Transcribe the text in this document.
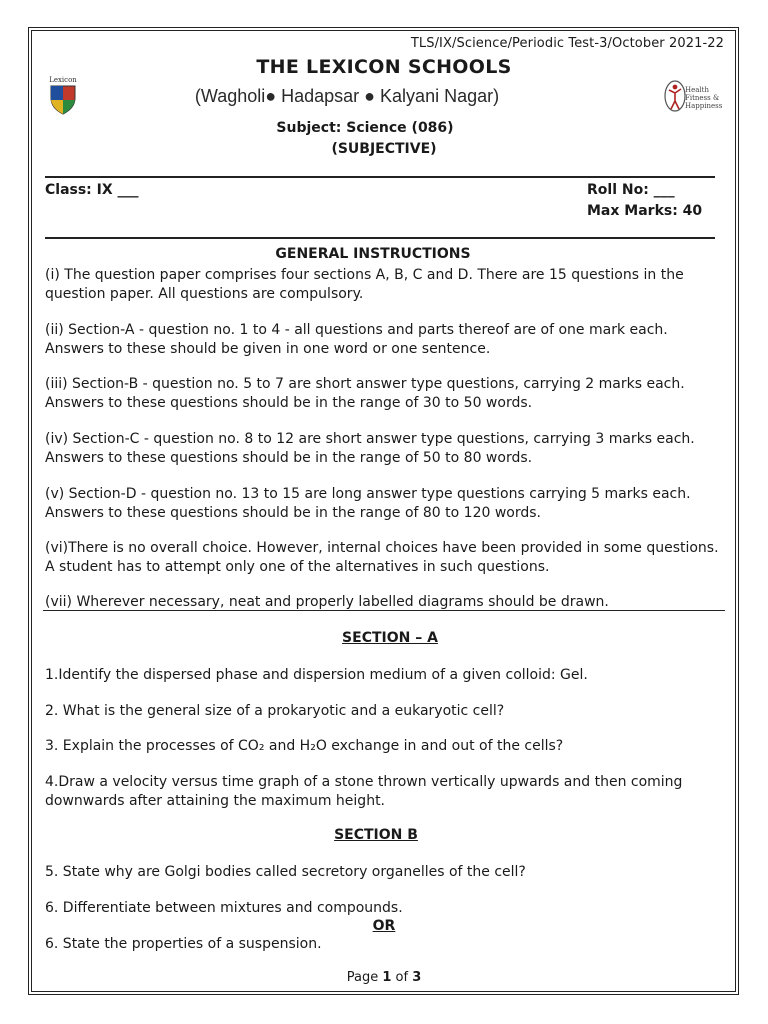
TLS/IX/Science/Periodic Test-3/October 2021-22
Lexicon
THE LEXICON SCHOOLS
(Wagholi● Hadapsar ● Kalyani Nagar)	Health Fitness & Happiness
Subject: Science (086)
(SUBJECTIVE)
Class: IX ___	Roll No: ___
Max Marks: 40
GENERAL INSTRUCTIONS
(i) The question paper comprises four sections A, B, C and D. There are 15 questions in the question paper. All questions are compulsory.
(ii) Section-A - question no. 1 to 4 - all questions and parts thereof are of one mark each. Answers to these should be given in one word or one sentence.
(iii) Section-B - question no. 5 to 7 are short answer type questions, carrying 2 marks each. Answers to these questions should be in the range of 30 to 50 words.
(iv) Section-C - question no. 8 to 12 are short answer type questions, carrying 3 marks each. Answers to these questions should be in the range of 50 to 80 words.
(v) Section-D - question no. 13 to 15 are long answer type questions carrying 5 marks each. Answers to these questions should be in the range of 80 to 120 words.
(vi)There is no overall choice. However, internal choices have been provided in some questions. A student has to attempt only one of the alternatives in such questions.
(vii) Wherever necessary, neat and properly labelled diagrams should be drawn.
SECTION – A
1.Identify the dispersed phase and dispersion medium of a given colloid: Gel.
2. What is the general size of a prokaryotic and a eukaryotic cell?
3. Explain the processes of CO₂ and H₂O exchange in and out of the cells?
4.Draw a velocity versus time graph of a stone thrown vertically upwards and then coming downwards after attaining the maximum height.
SECTION B
5. State why are Golgi bodies called secretory organelles of the cell?
6. Differentiate between mixtures and compounds.
OR
6. State the properties of a suspension.
Page 1 of 3
